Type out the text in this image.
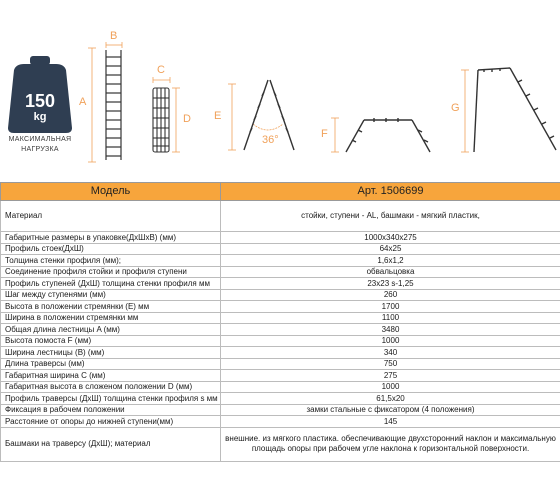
150
kg
МАКСИМАЛЬНАЯ
НАГРУЗКА
A
B
C
D E
F
G
36°
Модель	Арт. 1506699
Материал	стойки, ступени - AL, башмаки - мягкий пластик,
Габаритные размеры в упаковке(ДхШхВ) (мм)	1000x340x275
Профиль стоек(ДхШ)	64x25
Толщина стенки профиля (мм);	1,6x1,2
Соединение профиля стойки и профиля ступени	обвальцовка
Профиль ступеней (ДхШ) толщина стенки профиля мм	23x23 s-1,25
Шаг между ступенями (мм)	260
Высота в положении стремянки (Е) мм	1700
Ширина в положении стремянки мм	1100
Общая длина лестницы A (мм)	3480
Высота помоста F (мм)	1000
Ширина лестницы (В) (мм)	340
Длина траверсы (мм)	750
Габаритная ширина C (мм)	275
Габаритная высота в сложеном положении D (мм)	1000
Профиль траверсы (ДхШ) толщина стенки профиля s мм	61,5x20
Фиксация в рабочем положении	замки стальные с фиксатором (4 положения)
Расстояние от опоры до нижней ступени(мм)	145
Башмаки на траверсу (ДхШ); материал	внешние. из мягкого пластика. обеспечивающие двухсторонний наклон и максимальную площадь опоры при рабочем угле наклона к горизонтальной поверхности.
